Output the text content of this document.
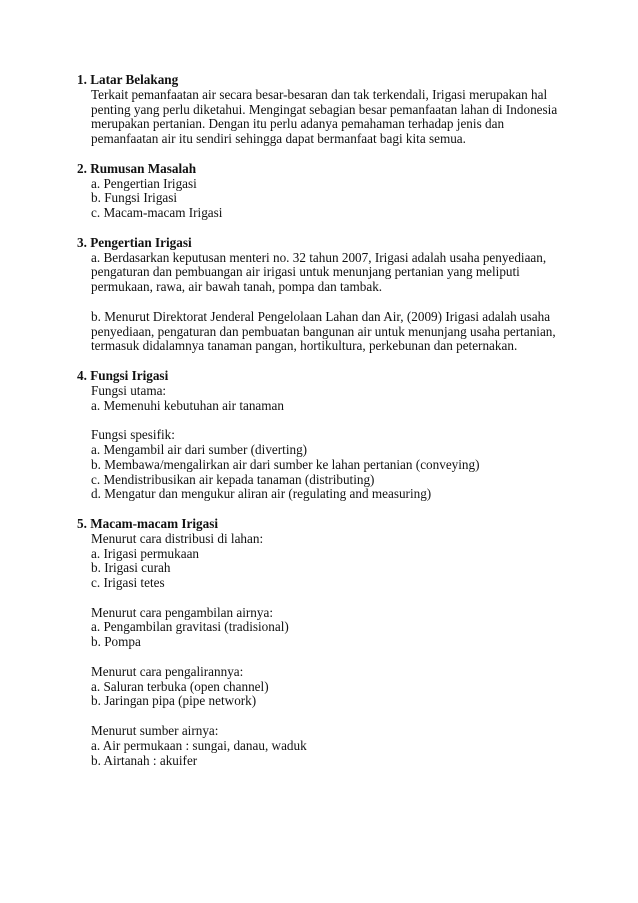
1. Latar Belakang
Terkait pemanfaatan air secara besar-besaran dan tak terkendali, Irigasi merupakan hal
penting yang perlu diketahui. Mengingat sebagian besar pemanfaatan lahan di Indonesia
merupakan pertanian. Dengan itu perlu adanya pemahaman terhadap jenis dan
pemanfaatan air itu sendiri sehingga dapat bermanfaat bagi kita semua.
2. Rumusan Masalah
a. Pengertian Irigasi
b. Fungsi Irigasi
c. Macam-macam Irigasi
3. Pengertian Irigasi
a. Berdasarkan keputusan menteri no. 32 tahun 2007, Irigasi adalah usaha penyediaan,
pengaturan dan pembuangan air irigasi untuk menunjang pertanian yang meliputi
permukaan, rawa, air bawah tanah, pompa dan tambak.
b. Menurut Direktorat Jenderal Pengelolaan Lahan dan Air, (2009) Irigasi adalah usaha
penyediaan, pengaturan dan pembuatan bangunan air untuk menunjang usaha pertanian,
termasuk didalamnya tanaman pangan, hortikultura, perkebunan dan peternakan.
4. Fungsi Irigasi
Fungsi utama:
a. Memenuhi kebutuhan air tanaman
Fungsi spesifik:
a. Mengambil air dari sumber (diverting)
b. Membawa/mengalirkan air dari sumber ke lahan pertanian (conveying)
c. Mendistribusikan air kepada tanaman (distributing)
d. Mengatur dan mengukur aliran air (regulating and measuring)
5. Macam-macam Irigasi
Menurut cara distribusi di lahan:
a. Irigasi permukaan
b. Irigasi curah
c. Irigasi tetes
Menurut cara pengambilan airnya:
a. Pengambilan gravitasi (tradisional)
b. Pompa
Menurut cara pengalirannya:
a. Saluran terbuka (open channel)
b. Jaringan pipa (pipe network)
Menurut sumber airnya:
a. Air permukaan : sungai, danau, waduk
b. Airtanah : akuifer
